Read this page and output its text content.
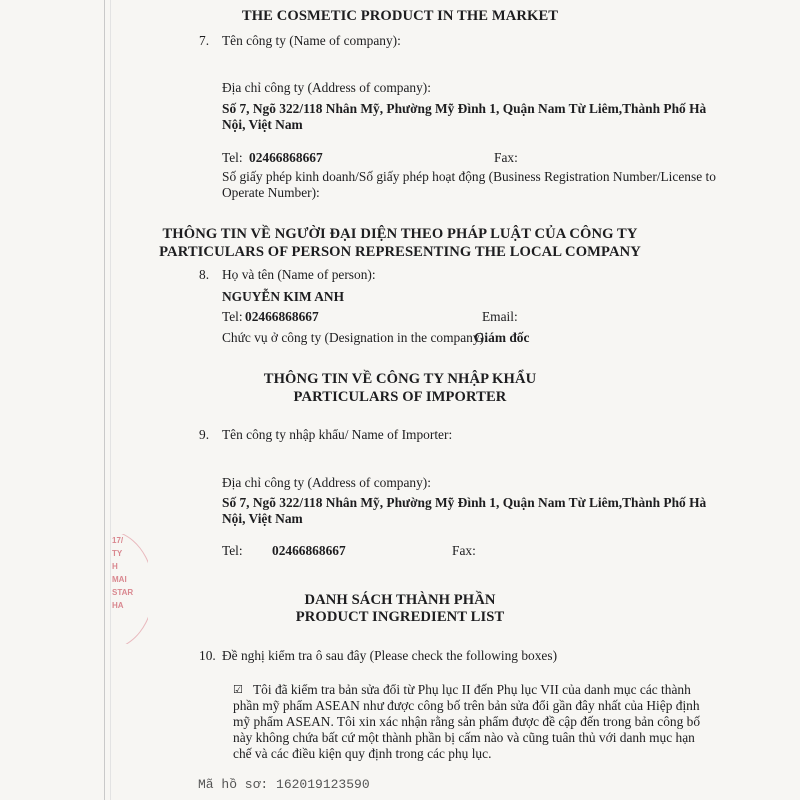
THE COSMETIC PRODUCT IN THE MARKET
7. Tên công ty (Name of company):
Địa chỉ công ty (Address of company):
Số 7, Ngõ 322/118 Nhân Mỹ, Phường Mỹ Đình 1, Quận Nam Từ Liêm,Thành Phố Hà
Nội, Việt Nam
Tel: 02466868667	Fax:
Số giấy phép kinh doanh/Số giấy phép hoạt động (Business Registration Number/License to
Operate Number):
THÔNG TIN VỀ NGƯỜI ĐẠI DIỆN THEO PHÁP LUẬT CỦA CÔNG TY
PARTICULARS OF PERSON REPRESENTING THE LOCAL COMPANY
8. Họ và tên (Name of person):
NGUYỄN KIM ANH
Tel: 02466868667	Email:
Chức vụ ở công ty (Designation in the company):
Giám đốc
THÔNG TIN VỀ CÔNG TY NHẬP KHẨU
PARTICULARS OF IMPORTER
9. Tên công ty nhập khẩu/ Name of Importer:
Địa chỉ công ty (Address of company):
Số 7, Ngõ 322/118 Nhân Mỹ, Phường Mỹ Đình 1, Quận Nam Từ Liêm,Thành Phố Hà
Nội, Việt Nam
Tel: 02466868667	Fax:
DANH SÁCH THÀNH PHẦN
PRODUCT INGREDIENT LIST
10. Đề nghị kiểm tra ô sau đây (Please check the following boxes)
☑ Tôi đã kiểm tra bản sửa đổi từ Phụ lục II đến Phụ lục VII của danh mục các thành
phần mỹ phẩm ASEAN như được công bố trên bản sửa đổi gần đây nhất của Hiệp định
mỹ phẩm ASEAN. Tôi xin xác nhận rằng sản phẩm được đề cập đến trong bản công bố
này không chứa bất cứ một thành phần bị cấm nào và cũng tuân thủ với danh mục hạn
chế và các điều kiện quy định trong các phụ lục.
17/
TY
H
MAI
STAR
HA
Mã hồ sơ: 162019123590
